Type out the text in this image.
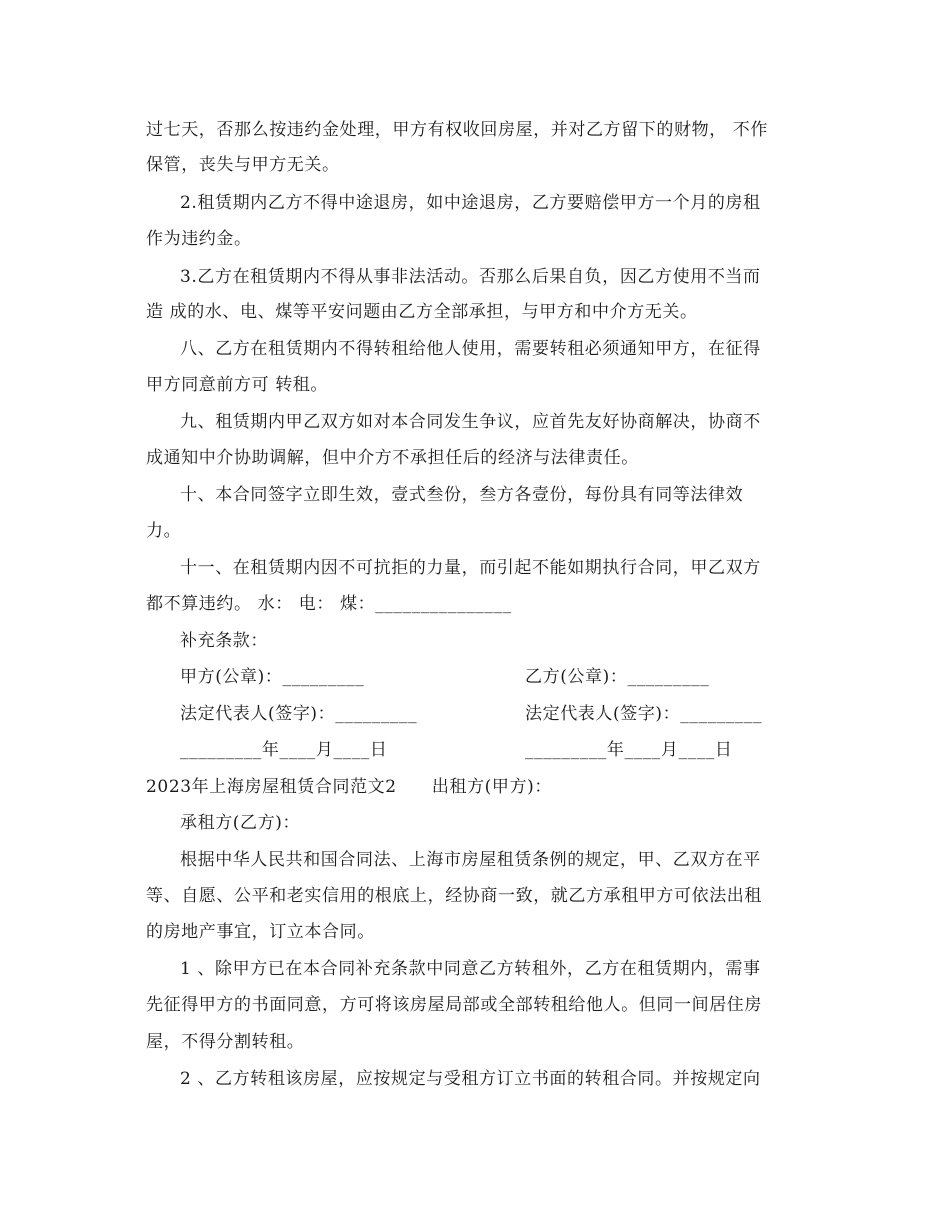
过七天，否那么按违约金处理，甲方有权收回房屋，并对乙方留下的财物， 不作
保管，丧失与甲方无关。
2.租赁期内乙方不得中途退房，如中途退房，乙方要赔偿甲方一个月的房租
作为违约金。
3.乙方在租赁期内不得从事非法活动。否那么后果自负，因乙方使用不当而
造 成的水、电、煤等平安问题由乙方全部承担，与甲方和中介方无关。
八、乙方在租赁期内不得转租给他人使用，需要转租必须通知甲方，在征得
甲方同意前方可 转租。
九、租赁期内甲乙双方如对本合同发生争议，应首先友好协商解决，协商不
成通知中介协助调解，但中介方不承担任后的经济与法律责任。
十、本合同签字立即生效，壹式叁份，叁方各壹份，每份具有同等法律效
力。
十一、在租赁期内因不可抗拒的力量，而引起不能如期执行合同，甲乙双方
都不算违约。 水： 电： 煤：_______________
补充条款：
甲方(公章)：_________	乙方(公章)：_________
法定代表人(签字)：_________	法定代表人(签字)：_________
_________年____月____日	_________年____月____日
2023年上海房屋租赁合同范文2　　出租方(甲方)：
承租方(乙方)：
根据中华人民共和国合同法、上海市房屋租赁条例的规定，甲、乙双方在平
等、自愿、公平和老实信用的根底上，经协商一致，就乙方承租甲方可依法出租
的房地产事宜，订立本合同。
1 、除甲方已在本合同补充条款中同意乙方转租外，乙方在租赁期内，需事
先征得甲方的书面同意，方可将该房屋局部或全部转租给他人。但同一间居住房
屋，不得分割转租。
2 、乙方转租该房屋，应按规定与受租方订立书面的转租合同。并按规定向
